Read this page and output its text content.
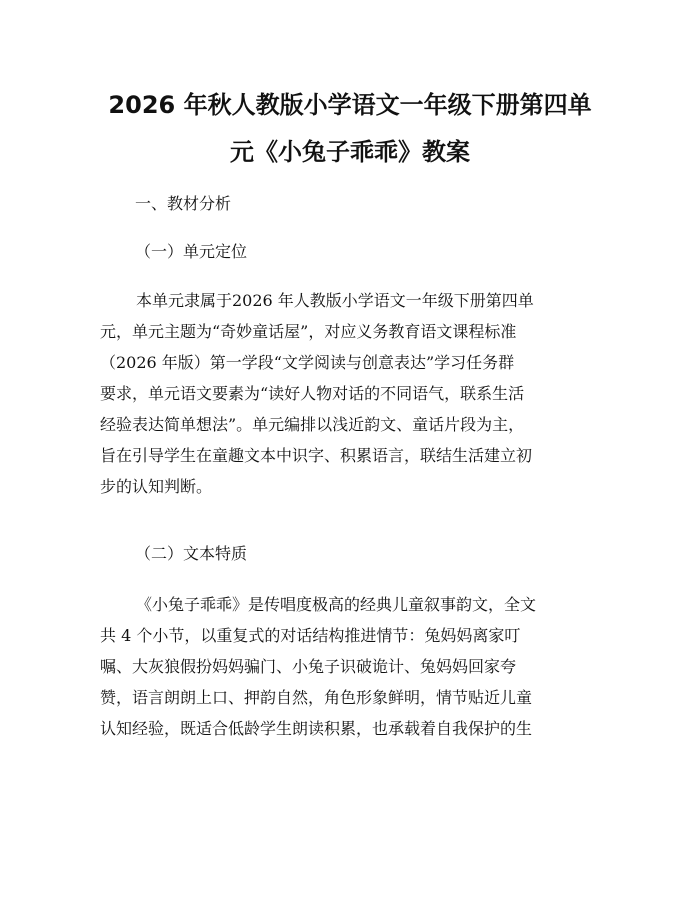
2026 年秋人教版小学语文一年级下册第四单
元《小兔子乖乖》教案

一、教材分析

（一）单元定位

本单元隶属于2026 年人教版小学语文一年级下册第四单
元，单元主题为“奇妙童话屋”，对应义务教育语文课程标准
（2026 年版）第一学段“文学阅读与创意表达”学习任务群
要求，单元语文要素为“读好人物对话的不同语气，联系生活
经验表达简单想法”。单元编排以浅近韵文、童话片段为主，
旨在引导学生在童趣文本中识字、积累语言，联结生活建立初
步的认知判断。

（二）文本特质

《小兔子乖乖》是传唱度极高的经典儿童叙事韵文，全文
共 4 个小节，以重复式的对话结构推进情节：兔妈妈离家叮
嘱、大灰狼假扮妈妈骗门、小兔子识破诡计、兔妈妈回家夸
赞，语言朗朗上口、押韵自然，角色形象鲜明，情节贴近儿童
认知经验，既适合低龄学生朗读积累，也承载着自我保护的生
